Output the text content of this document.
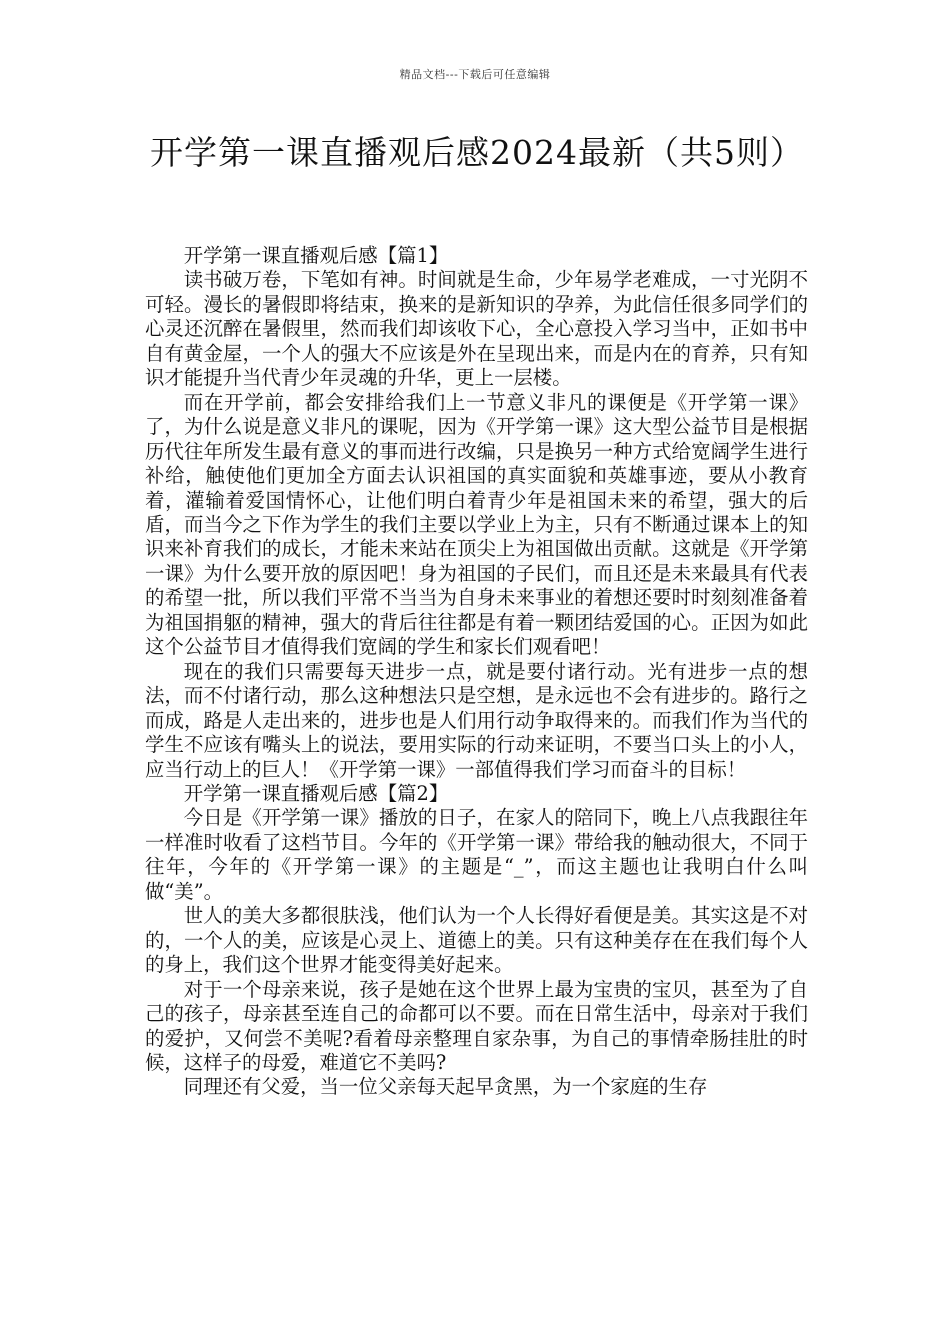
精品文档---下载后可任意编辑
开学第一课直播观后感2024最新（共5则）

开学第一课直播观后感【篇1】

读书破万卷，下笔如有神。时间就是生命，少年易学老难成，一寸光阴不可轻。漫长的暑假即将结束，换来的是新知识的孕养，为此信任很多同学们的心灵还沉醉在暑假里，然而我们却该收下心，全心意投入学习当中，正如书中自有黄金屋，一个人的强大不应该是外在呈现出来，而是内在的育养，只有知识才能提升当代青少年灵魂的升华，更上一层楼。

而在开学前，都会安排给我们上一节意义非凡的课便是《开学第一课》了，为什么说是意义非凡的课呢，因为《开学第一课》这大型公益节目是根据历代往年所发生最有意义的事而进行改编，只是换另一种方式给宽阔学生进行补给，触使他们更加全方面去认识祖国的真实面貌和英雄事迹，要从小教育着，灌输着爱国情怀心，让他们明白着青少年是祖国未来的希望，强大的后盾，而当今之下作为学生的我们主要以学业上为主，只有不断通过课本上的知识来补育我们的成长，才能未来站在顶尖上为祖国做出贡献。这就是《开学第一课》为什么要开放的原因吧！身为祖国的子民们，而且还是未来最具有代表的希望一批，所以我们平常不当当为自身未来事业的着想还要时时刻刻准备着为祖国捐躯的精神，强大的背后往往都是有着一颗团结爱国的心。正因为如此这个公益节目才值得我们宽阔的学生和家长们观看吧！

现在的我们只需要每天进步一点，就是要付诸行动。光有进步一点的想法，而不付诸行动，那么这种想法只是空想，是永远也不会有进步的。路行之而成，路是人走出来的，进步也是人们用行动争取得来的。而我们作为当代的学生不应该有嘴头上的说法，要用实际的行动来证明，不要当口头上的小人，应当行动上的巨人！《开学第一课》一部值得我们学习而奋斗的目标！

开学第一课直播观后感【篇2】

今日是《开学第一课》播放的日子，在家人的陪同下，晚上八点我跟往年一样准时收看了这档节目。今年的《开学第一课》带给我的触动很大，不同于往年，今年的《开学第一课》的主题是“_”，而这主题也让我明白什么叫做“美”。

世人的美大多都很肤浅，他们认为一个人长得好看便是美。其实这是不对的，一个人的美，应该是心灵上、道德上的美。只有这种美存在在我们每个人的身上，我们这个世界才能变得美好起来。

对于一个母亲来说，孩子是她在这个世界上最为宝贵的宝贝，甚至为了自己的孩子，母亲甚至连自己的命都可以不要。而在日常生活中，母亲对于我们的爱护，又何尝不美呢?看着母亲整理自家杂事，为自己的事情牵肠挂肚的时候，这样子的母爱，难道它不美吗?

同理还有父爱，当一位父亲每天起早贪黑，为一个家庭的生存
